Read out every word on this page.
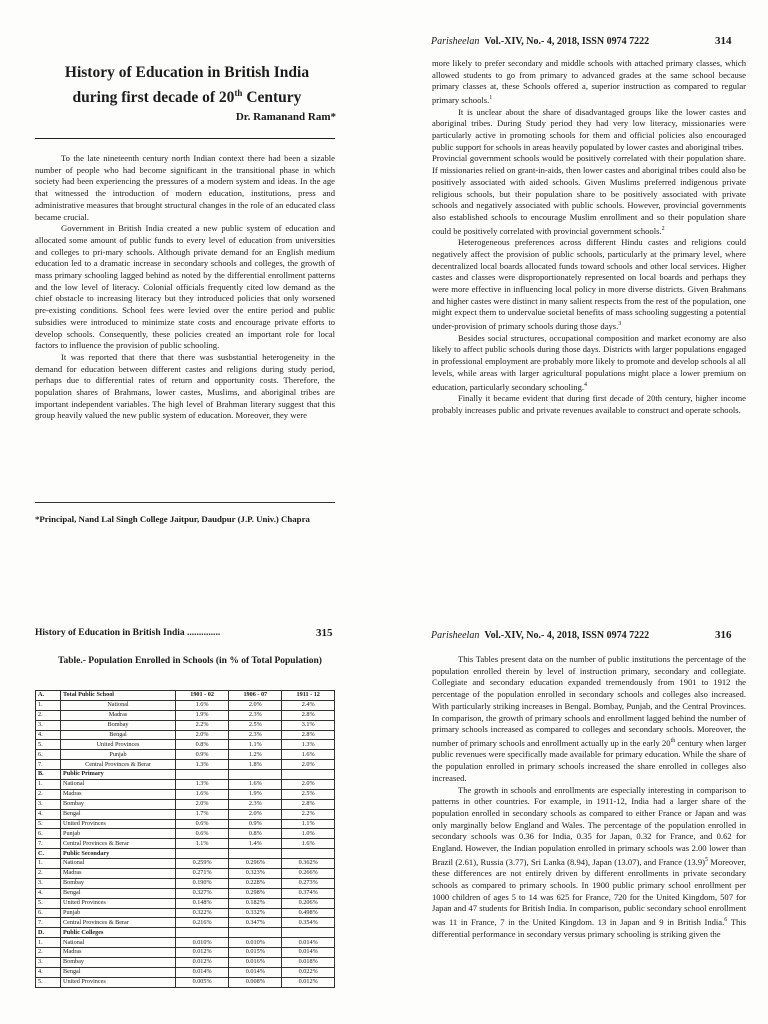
History of Education in British India
during first decade of 20th Century
Dr. Ramanand Ram*

To the late nineteenth century north Indian context there had been a sizable number of people who had become significant in the transitional phase in which society had been experiencing the pressures of a modern system and ideas. In the age that witnessed the introduction of modern education, institutions, press and administrative measures that brought structural changes in the role of an educated class became crucial.

Government in British India created a new public system of education and allocated some amount of public funds to every level of education from universities and colleges to pri-mary schools. Although private demand for an English medium education led to a dramatic increase in secondary schools and colleges, the growth of mass primary schooling lagged behind as noted by the differential enrollment patterns and the low level of literacy. Colonial officials frequently cited low demand as the chief obstacle to increasing literacy but they introduced policies that only worsened pre-existing conditions. School fees were levied over the entire period and public subsidies were introduced to minimize state costs and encourage private efforts to develop schools. Consequently, these policies created an important role for local factors to influence the provision of public schooling.

It was reported that there that there was susbstantial heterogeneity in the demand for education between different castes and religions during study period, perhaps due to differential rates of return and opportunity costs. Therefore, the population shares of Brahmans, lower castes, Muslims, and aboriginal tribes are important independent variables. The high level of Brahman literary suggest that this group heavily valued the new public system of education. Moreover, they were

*Principal, Nand Lal Singh College Jaitpur, Daudpur (J.P. Univ.) Chapra
Parisheelan Vol.-XIV, No.- 4, 2018, ISSN 0974 7222	314

more likely to prefer secondary and middle schools with attached primary classes, which allowed students to go from primary to advanced grades at the same school because primary classes at, these Schools offered a, superior instruction as compared to regular primary schools.$^1$

It is unclear about the share of disadvantaged groups like the lower castes and aboriginal tribes. During Study period they had very low literacy, missionaries were particularly active in promoting schools for them and official policies also encouraged public support for schools in areas heavily populated by lower castes and aboriginal tribes.

Provincial government schools would be positively correlated with their population share. If missionaries relied on grant-in-aids, then lower castes and aboriginal tribes could also be positively associated with aided schools. Given Muslims preferred indigenous private religious schools, but their population share to be positively associated with private schools and negatively associated with public schools. However, provincial governments also established schools to encourage Muslim enrollment and so their population share could be positively correlated with provincial government schools.$^2$

Heterogeneous preferences across different Hindu castes and religions could negatively affect the provision of public schools, particularly at the primary level, where decentralized local boards allocated funds toward schools and other local services. Higher castes and classes were disproportionately represented on local boards and perhaps they were more effective in influencing local policy in more diverse districts. Given Brahmans and higher castes were distinct in many salient respects from the rest of the population, one might expect them to undervalue societal benefits of mass schooling suggesting a potential under-provision of primary schools during those days.$^3$

Besides social structures, occupational composition and market economy are also likely to affect public schools during those days. Districts with larger populations engaged in professional employment are probably more likely to promote and develop schools al all levels, while areas with larger agricultural populations might place a lower premium on education, particularly secondary schooling.$^4$

Finally it became evident that during first decade of 20th century, higher income probably increases public and private revenues available to construct and operate schools.

History of Education in British India ..............	315
Table.- Population Enrolled in Schools (in % of Total Population)
A.	Total Public School	1901 - 02	1906 - 07	1911 - 12
1.	National	1.6%	2.0%	2.4%
2.	Madras	1.9%	2.3%	2.8%
3.	Bombay	2.2%	2.5%	3.1%
4.	Bengal	2.0%	2.3%	2.8%
5.	United Provinces	0.8%	1.1%	1.3%
6.	Punjab	0.9%	1.2%	1.6%
7.	Central Provinces & Berar	1.3%	1.8%	2.0%
B.	Public Primary			
1.	National	1.3%	1.6%	2.0%
2.	Madras	1.6%	1.9%	2.5%
3.	Bombay	2.0%	2.3%	2.8%
4.	Bengal	1.7%	2.0%	2.2%
5.	United Provinces	0.6%	0.9%	1.1%
6.	Punjab	0.6%	0.8%	1.0%
7.	Central Provinces & Berar	1.1%	1.4%	1.6%
C.	Public Secondary			
1.	National	0.259%	0.296%	0.362%
2.	Madras	0.271%	0.323%	0.266%
3.	Bombay	0.190%	0.228%	0.273%
4.	Bengal	0.327%	0.298%	0.374%
5.	United Provinces	0.148%	0.182%	0.206%
6.	Punjab	0.322%	0.332%	0.498%
7.	Central Provinces & Berar	0.216%	0.347%	0.354%
D.	Public Colleges			
1.	National	0.010%	0.010%	0.014%
2.	Madras	0.012%	0.015%	0.014%
3.	Bombay	0.012%	0.016%	0.018%
4.	Bengal	0.014%	0.014%	0.022%
5.	United Provinces	0.005%	0.008%	0.012%
Parisheelan Vol.-XIV, No.- 4, 2018, ISSN 0974 7222	316

This Tables present data on the number of public institutions the percentage of the population enrolled therein by level of instruction primary, secondary and collegiate. Collegiate and secondary education expanded tremendously from 1901 to 1912 the percentage of the population enrolled in secondary schools and colleges also increased. With particularly striking increases in Bengal. Bombay, Punjab, and the Central Provinces. In comparison, the growth of primary schools and enrollment lagged behind the number of primary schools increased as compared to colleges and secondary schools. Moreover, the number of primary schools and enrollment actually up in the early 20th century when larger public revenues were specifically made available for primary education. While the share of the population enrolled in primary schools increased the share enrolled in colleges also increased.

The growth in schools and enrollments are especially interesting in comparison to patterns in other countries. For example, in 1911-12, India had a larger share of the population enrolled in secondary schools as compared to either France or Japan and was only marginally below England and Wales. The percentage of the population enrolled in secondary schools was 0.36 for India, 0.35 for Japan, 0.32 for France, and 0.62 for England. However, the Indian population enrolled in primary schools was 2.00 lower than Brazil (2.61), Russia (3.77), Sri Lanka (8.94), Japan (13.07), and France $(13.9)^5$ Moreover, these differences are not entirely driven by different enrollments in private secondary schools as compared to primary schools. In 1900 public primary school enrollment per 1000 children of ages 5 to 14 was 625 for France, 720 for the United Kingdom, 507 for Japan and 47 students for British India. In comparison, public secondary school enrollment was 11 in France, 7 in the United Kingdom. 13 in Japan and 9 in British India.$^6$ This differential performance in secondary versus primary schooling is striking given the
